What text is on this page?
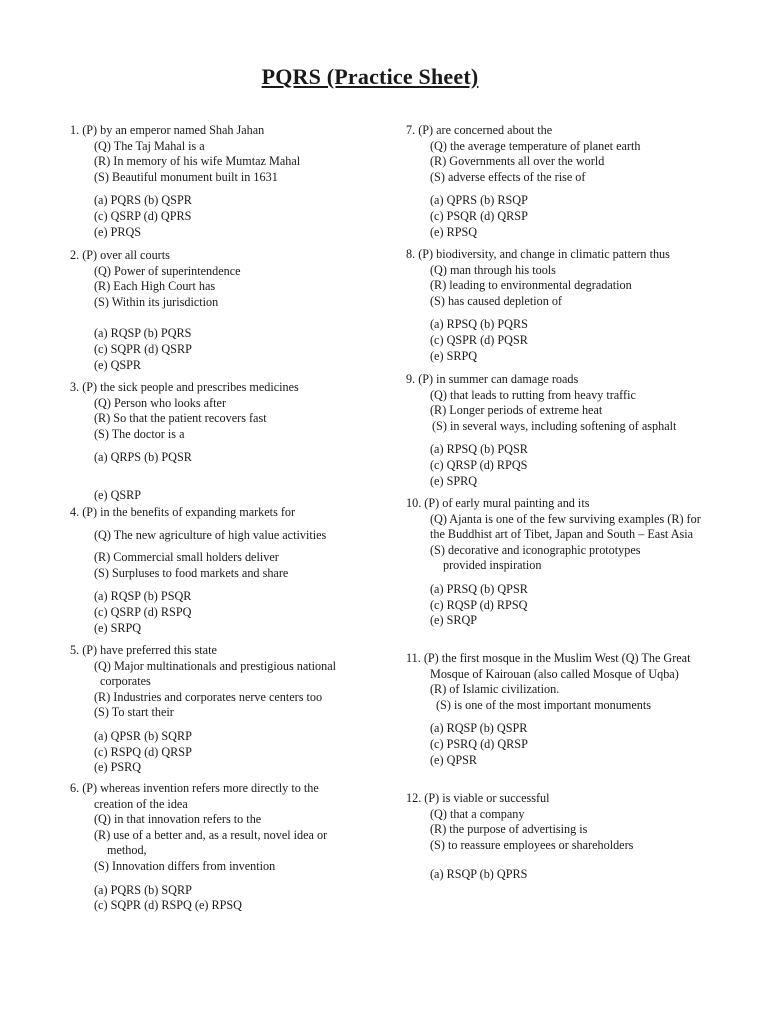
PQRS (Practice Sheet)
1. (P) by an emperor named Shah Jahan
(Q) The Taj Mahal is a
(R) In memory of his wife Mumtaz Mahal
(S) Beautiful monument built in 1631
(a) PQRS (b) QSPR
(c) QSRP (d) QPRS
(e) PRQS
2. (P) over all courts
(Q) Power of superintendence
(R) Each High Court has
(S) Within its jurisdiction
(a) RQSP (b) PQRS
(c) SQPR (d) QSRP
(e) QSPR
3. (P) the sick people and prescribes medicines
(Q) Person who looks after
(R) So that the patient recovers fast
(S) The doctor is a
(a) QRPS (b) PQSR
(e) QSRP
4. (P) in the benefits of expanding markets for
(Q) The new agriculture of high value activities
(R) Commercial small holders deliver
(S) Surpluses to food markets and share
(a) RQSP (b) PSQR
(c) QSRP (d) RSPQ
(e) SRPQ
5. (P) have preferred this state
(Q) Major multinationals and prestigious national
corporates
(R) Industries and corporates nerve centers too
(S) To start their
(a) QPSR (b) SQRP
(c) RSPQ (d) QRSP
(e) PSRQ
6. (P) whereas invention refers more directly to the
creation of the idea
(Q) in that innovation refers to the
(R) use of a better and, as a result, novel idea or
method,
(S) Innovation differs from invention
(a) PQRS (b) SQRP
(c) SQPR (d) RSPQ (e) RPSQ
7. (P) are concerned about the
(Q) the average temperature of planet earth
(R) Governments all over the world
(S) adverse effects of the rise of
(a) QPRS (b) RSQP
(c) PSQR (d) QRSP
(e) RPSQ
8. (P) biodiversity, and change in climatic pattern thus
(Q) man through his tools
(R) leading to environmental degradation
(S) has caused depletion of
(a) RPSQ (b) PQRS
(c) QSPR (d) PQSR
(e) SRPQ
9. (P) in summer can damage roads
(Q) that leads to rutting from heavy traffic
(R) Longer periods of extreme heat
(S) in several ways, including softening of asphalt
(a) RPSQ (b) PQSR
(c) QRSP (d) RPQS
(e) SPRQ
10. (P) of early mural painting and its
(Q) Ajanta is one of the few surviving examples (R) for the Buddhist art of Tibet, Japan and South – East Asia
(S) decorative and iconographic prototypes
provided inspiration
(a) PRSQ (b) QPSR
(c) RQSP (d) RPSQ
(e) SRQP
11. (P) the first mosque in the Muslim West (Q) The Great Mosque of Kairouan (also called Mosque of Uqba)
(R) of Islamic civilization.
(S) is one of the most important monuments
(a) RQSP (b) QSPR
(c) PSRQ (d) QRSP
(e) QPSR
12. (P) is viable or successful
(Q) that a company
(R) the purpose of advertising is
(S) to reassure employees or shareholders
(a) RSQP (b) QPRS
